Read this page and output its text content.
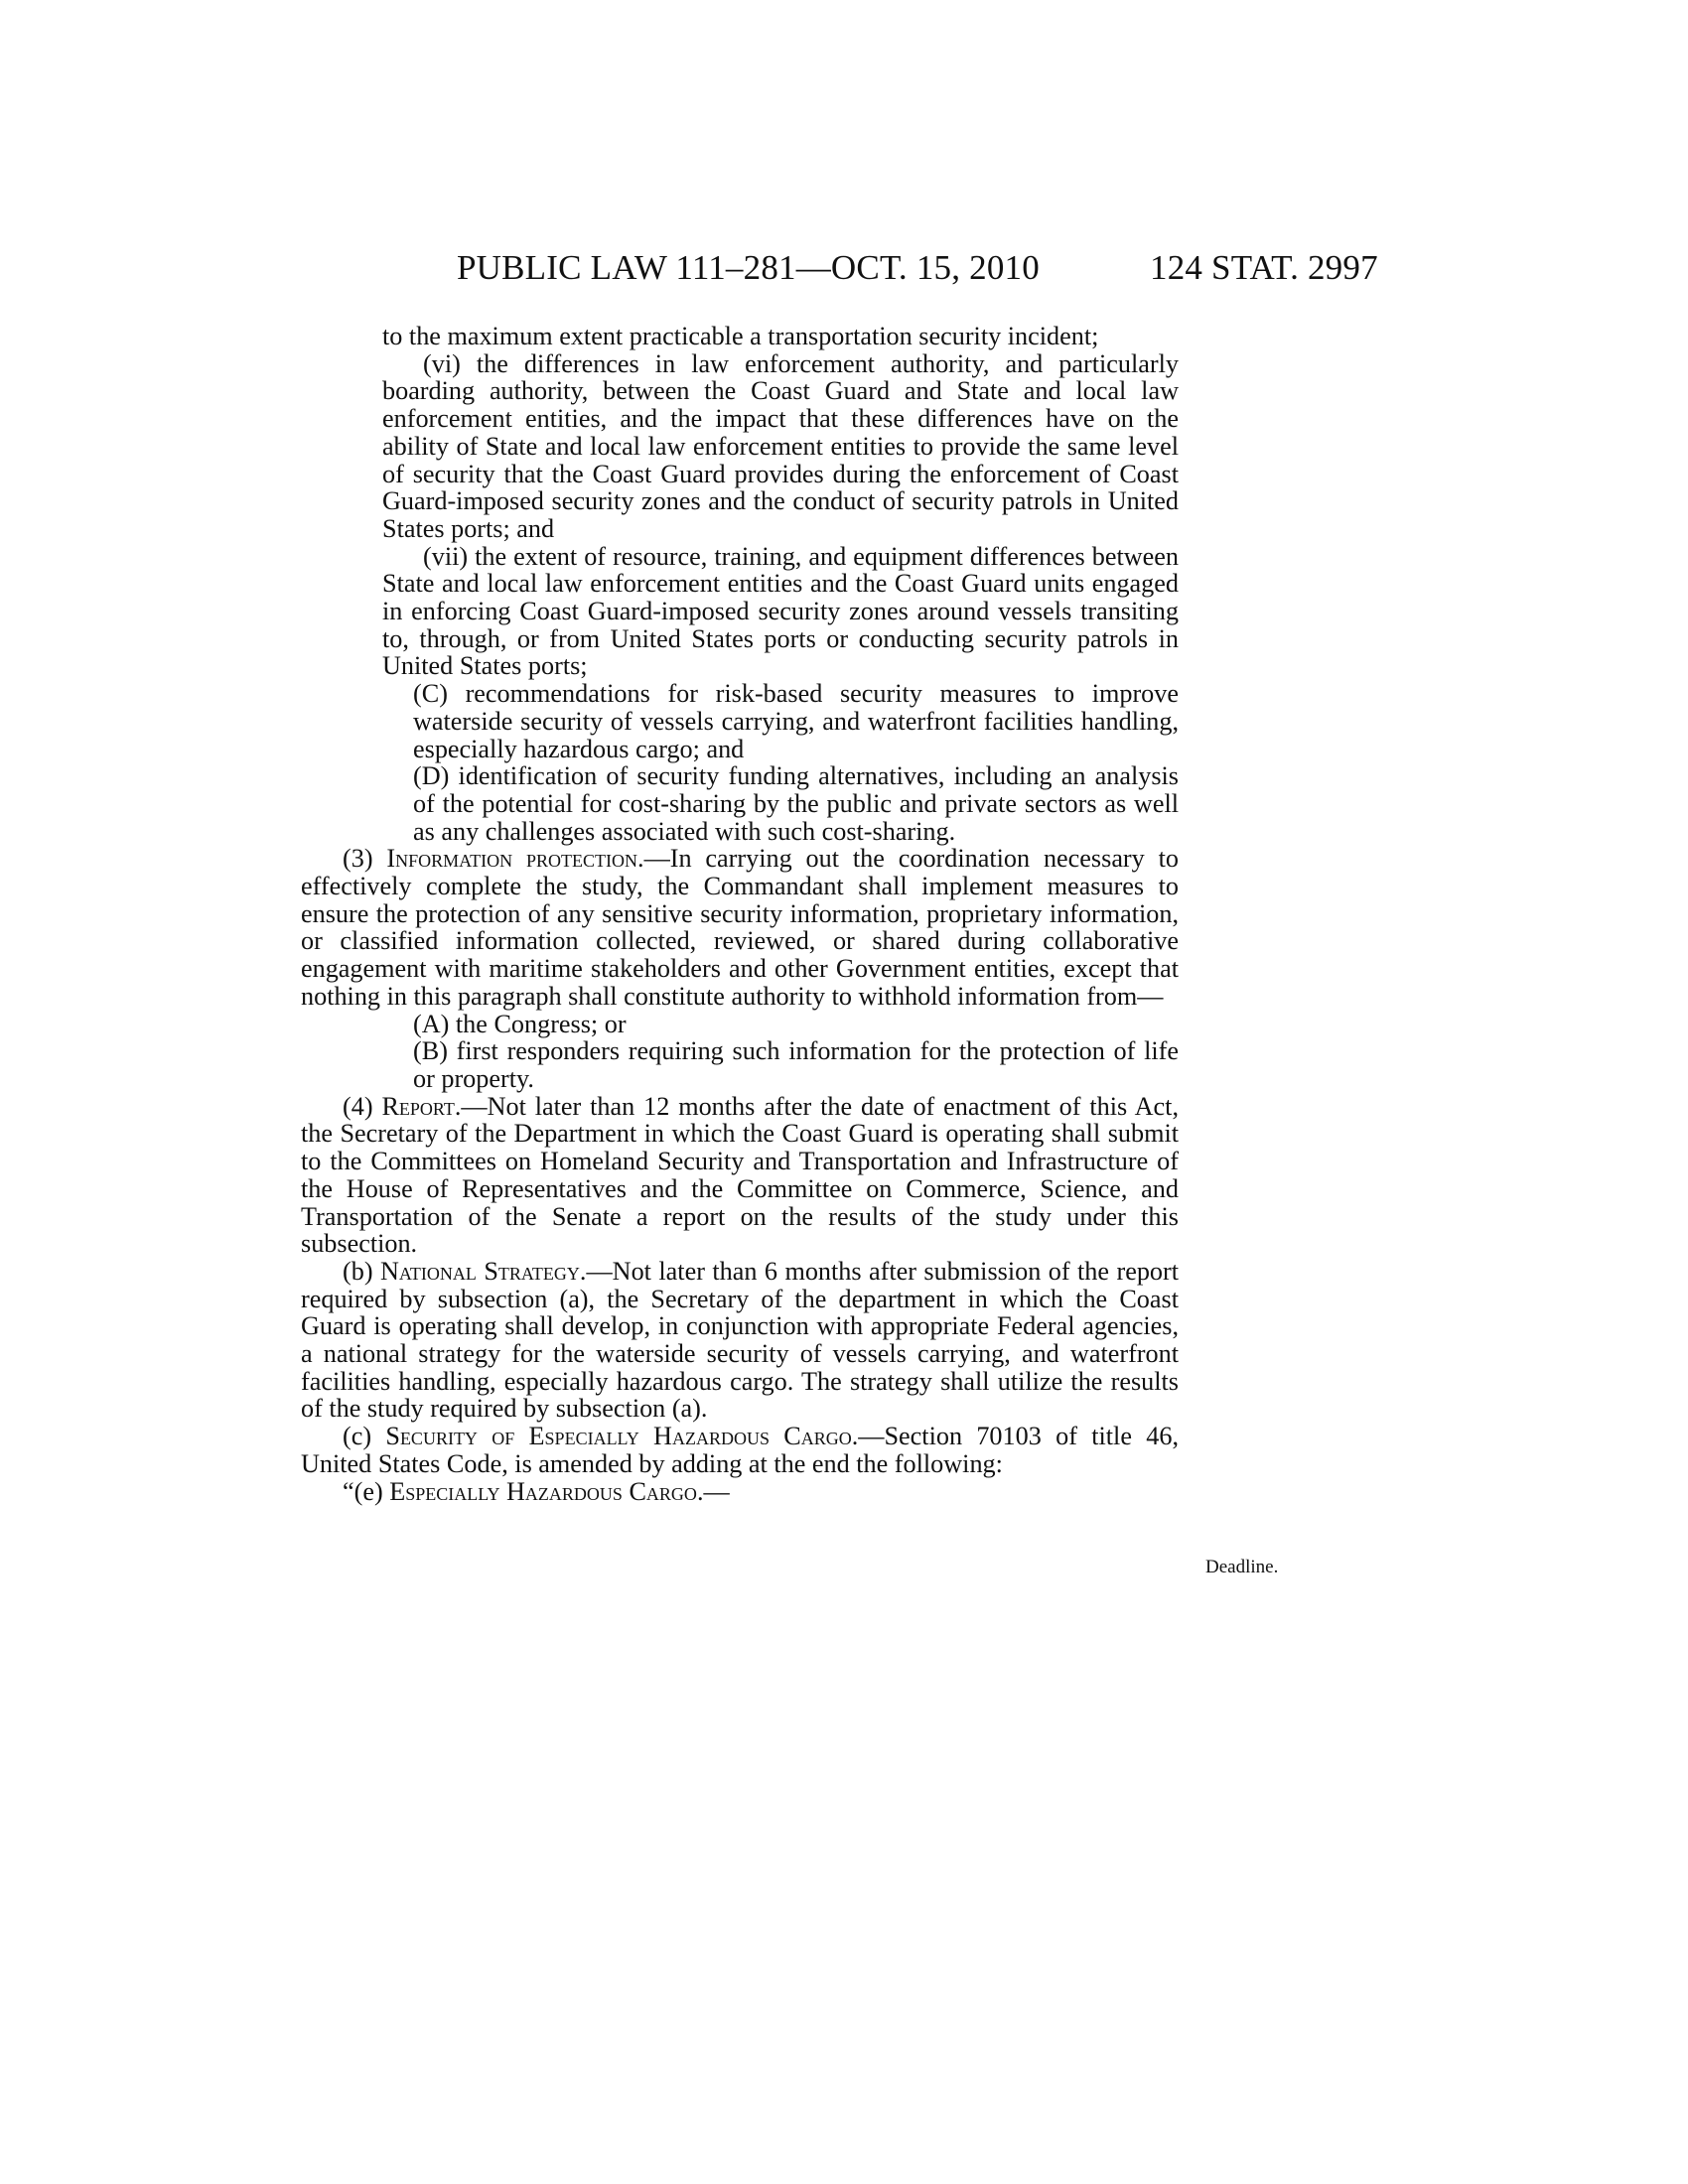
PUBLIC LAW 111–281—OCT. 15, 2010	124 STAT. 2997

to the maximum extent practicable a transportation security incident;

(vi) the differences in law enforcement authority, and particularly boarding authority, between the Coast Guard and State and local law enforcement entities, and the impact that these differences have on the ability of State and local law enforcement entities to provide the same level of security that the Coast Guard provides during the enforcement of Coast Guard-imposed security zones and the conduct of security patrols in United States ports; and

(vii) the extent of resource, training, and equipment differences between State and local law enforcement entities and the Coast Guard units engaged in enforcing Coast Guard-imposed security zones around vessels transiting to, through, or from United States ports or conducting security patrols in United States ports;

(C) recommendations for risk-based security measures to improve waterside security of vessels carrying, and waterfront facilities handling, especially hazardous cargo; and

(D) identification of security funding alternatives, including an analysis of the potential for cost-sharing by the public and private sectors as well as any challenges associated with such cost-sharing.

(3) Information protection.—In carrying out the coordination necessary to effectively complete the study, the Commandant shall implement measures to ensure the protection of any sensitive security information, proprietary information, or classified information collected, reviewed, or shared during collaborative engagement with maritime stakeholders and other Government entities, except that nothing in this paragraph shall constitute authority to withhold information from—

(A) the Congress; or

(B) first responders requiring such information for the protection of life or property.

(4) Report.—Not later than 12 months after the date of enactment of this Act, the Secretary of the Department in which the Coast Guard is operating shall submit to the Committees on Homeland Security and Transportation and Infrastructure of the House of Representatives and the Committee on Commerce, Science, and Transportation of the Senate a report on the results of the study under this subsection.

(b) National Strategy.—Not later than 6 months after submission of the report required by subsection (a), the Secretary of the department in which the Coast Guard is operating shall develop, in conjunction with appropriate Federal agencies, a national strategy for the waterside security of vessels carrying, and waterfront facilities handling, especially hazardous cargo. The strategy shall utilize the results of the study required by subsection (a).

(c) Security of Especially Hazardous Cargo.—Section 70103 of title 46, United States Code, is amended by adding at the end the following:

“(e) Especially Hazardous Cargo.—

Deadline.
